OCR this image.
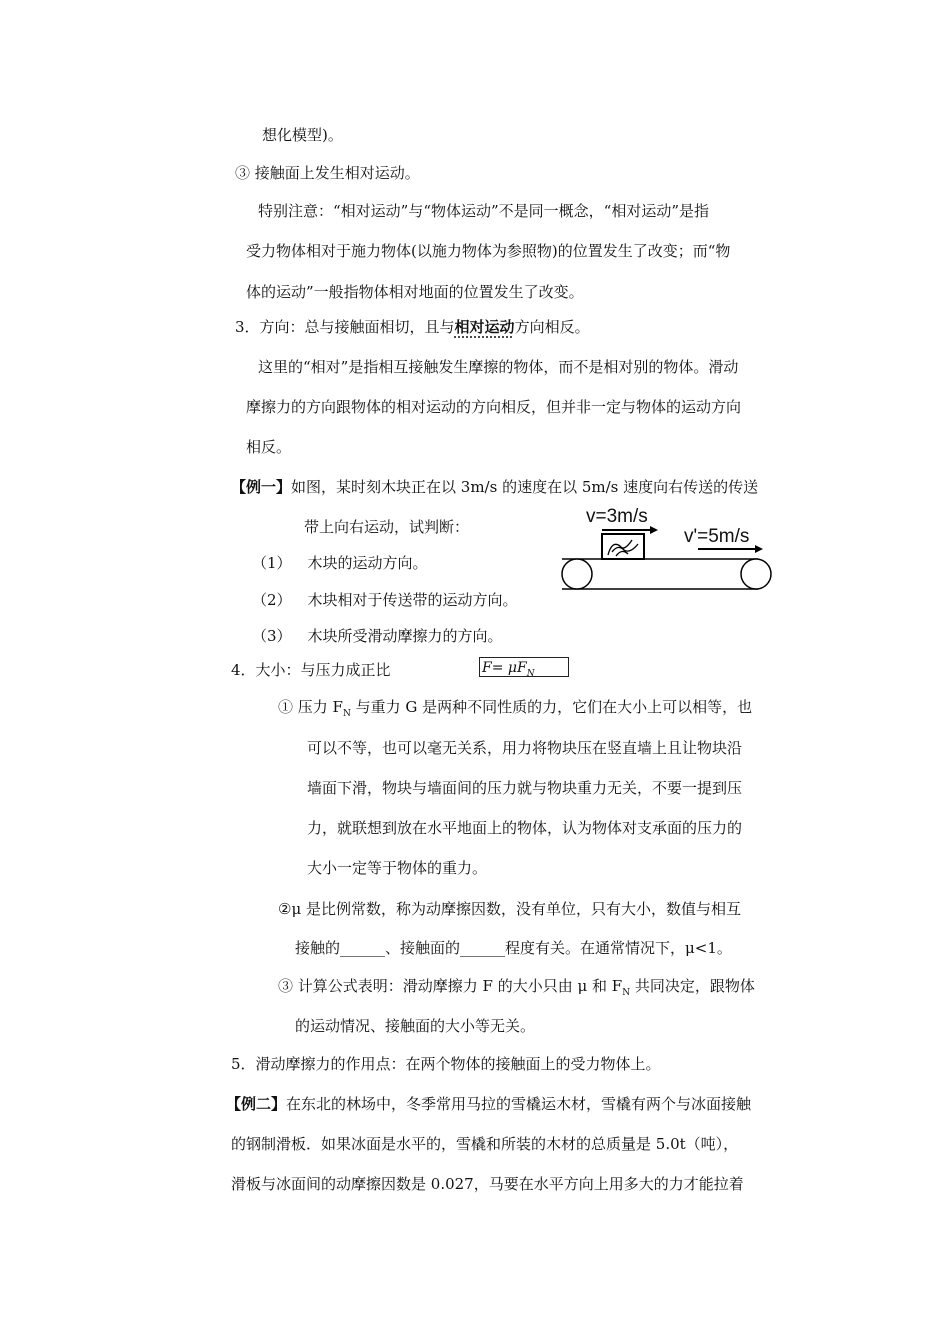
想化模型)。
③ 接触面上发生相对运动。
特别注意：“相对运动”与“物体运动”不是同一概念，“相对运动”是指
受力物体相对于施力物体(以施力物体为参照物)的位置发生了改变；而“物
体的运动”一般指物体相对地面的位置发生了改变。
3．方向：总与接触面相切，且与相对运动方向相反。
这里的“相对”是指相互接触发生摩擦的物体，而不是相对别的物体。滑动
摩擦力的方向跟物体的相对运动的方向相反，但并非一定与物体的运动方向
相反。
【例一】如图，某时刻木块正在以 3m/s 的速度在以 5m/s 速度向右传送的传送
带上向右运动，试判断：
（1） 木块的运动方向。
（2） 木块相对于传送带的运动方向。
（3） 木块所受滑动摩擦力的方向。
v=3m/s
v'=5m/s
4．大小：与压力成正比	$F= \mu F_N$
① 压力 $F_N$ 与重力 G 是两种不同性质的力，它们在大小上可以相等，也
可以不等，也可以毫无关系，用力将物块压在竖直墙上且让物块沿
墙面下滑，物块与墙面间的压力就与物块重力无关，不要一提到压
力，就联想到放在水平地面上的物体，认为物体对支承面的压力的
大小一定等于物体的重力。
②μ 是比例常数，称为动摩擦因数，没有单位，只有大小，数值与相互
接触的______、接触面的______程度有关。在通常情况下，μ<1。
③ 计算公式表明：滑动摩擦力 F 的大小只由 μ 和 $F_N$ 共同决定，跟物体
的运动情况、接触面的大小等无关。
5．滑动摩擦力的作用点：在两个物体的接触面上的受力物体上。
【例二】在东北的林场中，冬季常用马拉的雪橇运木材，雪橇有两个与冰面接触
的钢制滑板．如果冰面是水平的，雪橇和所装的木材的总质量是 5.0t（吨），
滑板与冰面间的动摩擦因数是 0.027，马要在水平方向上用多大的力才能拉着
